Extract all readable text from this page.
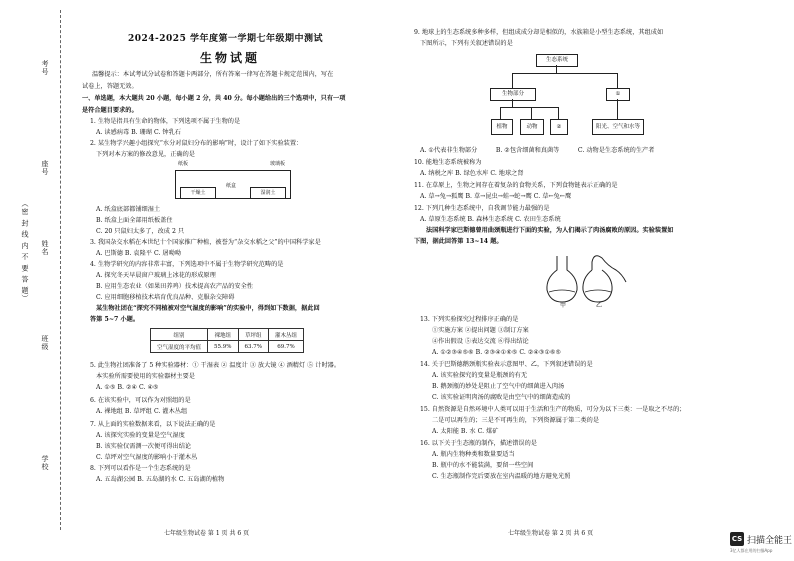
考号
座号
姓名
（密 封 线 内 不 要 答 题）
班级
学校
2024-2025 学年度第一学期七年级期中测试
生物试题
温馨提示：本试考试分试卷和答题卡两部分，所有答案一律写在答题卡规定范围内，写在
试卷上，答题无效。
一、单选题，本大题共 20 小题，每小题 2 分，共 40 分。每小题给出的三个选项中，只有一项
是符合题目要求的。
1. 生物是指具有生命的物体，下列选项不属于生物的是
A. 读感病毒 B. 珊瑚 C. 钟乳石
2. 某生物学兴趣小组探究“水分对鼠妇分布的影响”时，设计了如下实验装置：
下列对本方案的修改意见，正确的是
纸板	玻璃板
纸盒
干燥土	湿润土
A. 纸盒底部都铺细湿土
B. 纸盒上面全部用纸板盖住
C. 20 只鼠妇太多了，改成 2 只
3. 我国杂交水稻在本世纪十个国家推广种植，被誉为“杂交水稻之父”的中国科学家是
A. 巴斯德 B. 袁隆平 C. 屠呦呦
4. 生物学研究的内容非常丰富，下列选项中不属于生物学研究范畴的是
A. 探究冬天早晨窗户玻璃上冰花的形成原理
B. 应用生态农业（如果田养鸡）技术提高农产品的安全性
C. 应用细胞移植技术培育优良品种、克服杂交障碍
某生物社团在“探究不同植被对空气湿度的影响”的实验中，得到如下数据，据此回
答第 5~7 小题。
组别	裸地组	草坪组	灌木丛组
空气湿度的平均值	55.9%	63.7%	69.7%
5. 此生物社团准备了 5 种实验器材：① 干湿表 ② 温度计 ③ 放大镜 ④ 酒精灯 ⑤ 计时器。
本实验所需要使用的实验器材主要是
A. ①⑤ B. ②④ C. ④⑤
6. 在该实验中，可以作为对照组的是
A. 裸地组 B. 草坪组 C. 灌木丛组
7. 从上面的实验数据来看，以下说法正确的是
A. 该探究实验的变量是空气湿度
B. 该实验仅需测一次便可得出结论
C. 草坪对空气湿度的影响小于灌木丛
8. 下列可以看作是一个生态系统的是
A. 五岛湖公园 B. 五岛湖的水 C. 五岛湖的植物
七年级生物试卷 第 1 页 共 6 页
9. 地球上的生态系统多种多样，但组成成分却是相似的，水族箱是小型生态系统，其组成如
下图所示，下列有关叙述错误的是
生态系统
生物部分	①
植物	动物	②	阳光、空气和水等
A. ①代表非生物部分　　　B. ②包含细菌和真菌等　　　C. 动物是生态系统的生产者
10. 能地生态系统被称为
A. 纳税之库 B. 绿色水库 C. 地球之肾
11. 在草原上，生物之间存在着复杂的食物关系，下列食物链表示正确的是
A. 草→兔→狐鹰 B. 草→昆虫→蛙→蛇→鹰 C. 草←兔←鹰
12. 下列几种生态系统中，自我调节能力最强的是
A. 草原生态系统 B. 森林生态系统 C. 农田生态系统
法国科学家巴斯德曾用曲颈瓶进行下面的实验，为人们揭示了肉汤腐败的原因。实验装置如
下图，据此回答第 13~14 题。
甲	乙
13. 下列实验探究过程排序正确的是
①实施方案 ②提出问题 ③制订方案
④作出假设 ⑤表达交流 ⑥得出结论
A. ①②③④⑤⑥ B. ②③④①⑥⑤ C. ②④③①⑥⑤
14. 关于巴斯德鹅颈瓶实验表示意图甲、乙，下列叙述错误的是
A. 该实验探究的变量是瓶颈的有无
B. 鹅颈瓶的妙处是阻止了空气中的细菌进入肉汤
C. 该实验证明肉汤的腐败是由空气中的细菌造成的
15. 自然资源是自然环境中人类可以用于生活和生产的物质，可分为以下三类：一是取之不尽的；
二是可以再生的；三是不可再生的，下列资源属于第二类的是
A. 太阳能 B. 水 C. 煤矿
16. 以下关于生态瓶的制作，描述错误的是
A. 瓶内生物种类和数量要适当
B. 瓶中的水不能装满，要留一些空间
C. 生态瓶制作完后要放在室内温暖的地方避免光照
七年级生物试卷 第 2 页 共 6 页
CS 扫描全能王
3亿人都在用的扫描App
